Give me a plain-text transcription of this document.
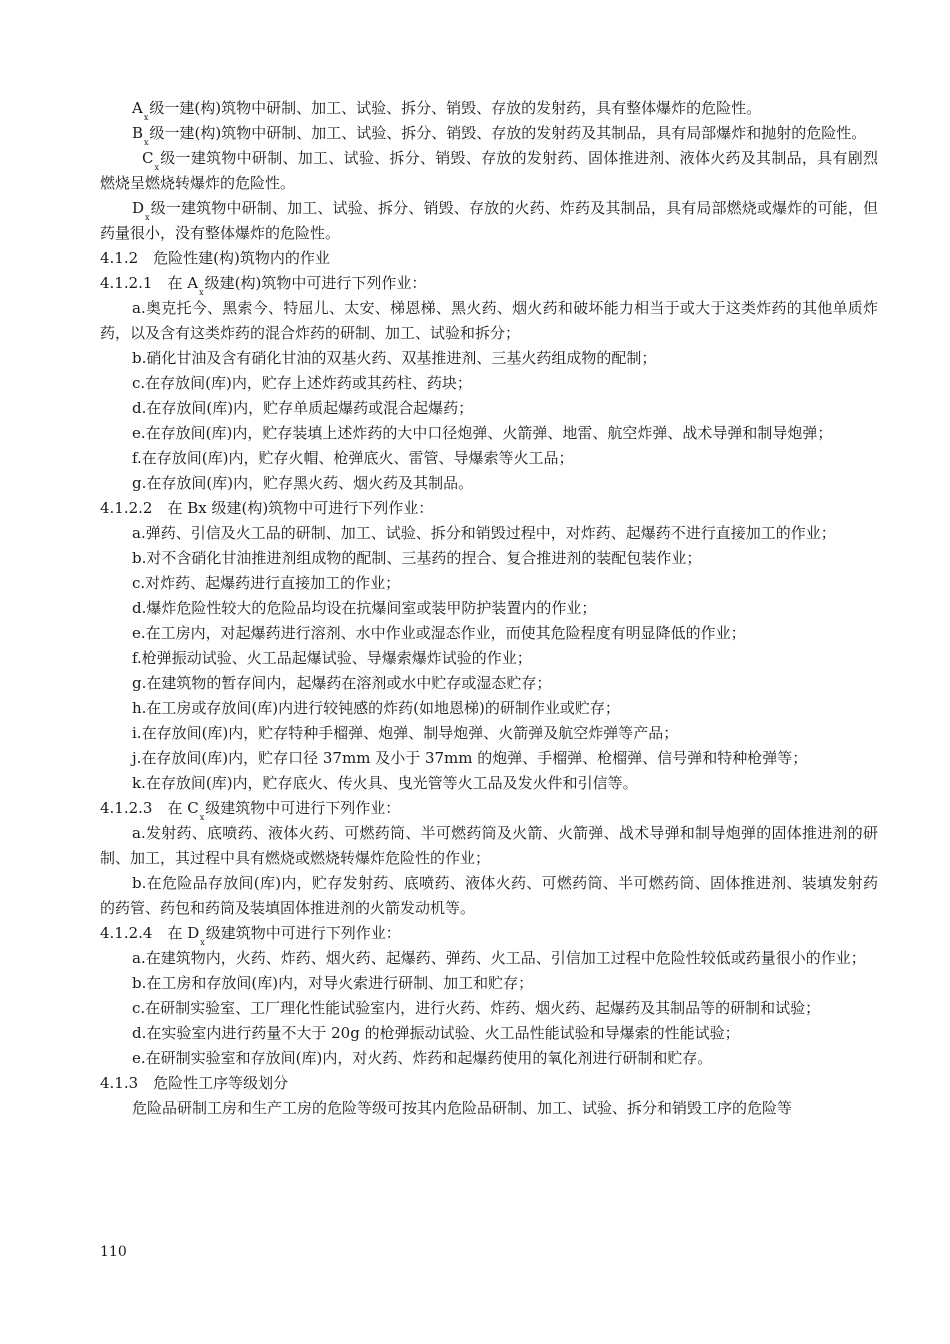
$A_x$级一建(构)筑物中研制、加工、试验、拆分、销毁、存放的发射药，具有整体爆炸的危险性。

$B_x$级一建(构)筑物中研制、加工、试验、拆分、销毁、存放的发射药及其制品，具有局部爆炸和抛射的危险性。

$C_x$级一建筑物中研制、加工、试验、拆分、销毁、存放的发射药、固体推进剂、液体火药及其制品，具有剧烈燃烧呈燃烧转爆炸的危险性。

$D_x$级一建筑物中研制、加工、试验、拆分、销毁、存放的火药、炸药及其制品，具有局部燃烧或爆炸的可能，但药量很小，没有整体爆炸的危险性。

4.1.2　危险性建(构)筑物内的作业

4.1.2.1  在 $A_x$级建(构)筑物中可进行下列作业：

a.奥克托今、黑索今、特屈儿、太安、梯恩梯、黑火药、烟火药和破坏能力相当于或大于这类炸药的其他单质炸药，以及含有这类炸药的混合炸药的研制、加工、试验和拆分；

b.硝化甘油及含有硝化甘油的双基火药、双基推进剂、三基火药组成物的配制；

c.在存放间(库)内，贮存上述炸药或其药柱、药块；

d.在存放间(库)内，贮存单质起爆药或混合起爆药；

e.在存放间(库)内，贮存装填上述炸药的大中口径炮弹、火箭弹、地雷、航空炸弹、战术导弹和制导炮弹；

f.在存放间(库)内，贮存火帽、枪弹底火、雷管、导爆索等火工品；

g.在存放间(库)内，贮存黑火药、烟火药及其制品。

4.1.2.2  在 Bx 级建(构)筑物中可进行下列作业：

a.弹药、引信及火工品的研制、加工、试验、拆分和销毁过程中，对炸药、起爆药不进行直接加工的作业；

b.对不含硝化甘油推进剂组成物的配制、三基药的捏合、复合推进剂的装配包装作业；

c.对炸药、起爆药进行直接加工的作业；

d.爆炸危险性较大的危险品均设在抗爆间室或装甲防护装置内的作业；

e.在工房内，对起爆药进行溶剂、水中作业或湿态作业，而使其危险程度有明显降低的作业；

f.枪弹振动试验、火工品起爆试验、导爆索爆炸试验的作业；

g.在建筑物的暂存间内，起爆药在溶剂或水中贮存或湿态贮存；

h.在工房或存放间(库)内进行较钝感的炸药(如地恩梯)的研制作业或贮存；

i.在存放间(库)内，贮存特种手榴弹、炮弹、制导炮弹、火箭弹及航空炸弹等产品；

j.在存放间(库)内，贮存口径 37mm 及小于 37mm 的炮弹、手榴弹、枪榴弹、信号弹和特种枪弹等；

k.在存放间(库)内，贮存底火、传火具、曳光管等火工品及发火件和引信等。

4.1.2.3  在 $C_x$级建筑物中可进行下列作业：

a.发射药、底喷药、液体火药、可燃药筒、半可燃药筒及火箭、火箭弹、战术导弹和制导炮弹的固体推进剂的研制、加工，其过程中具有燃烧或燃烧转爆炸危险性的作业；

b.在危险品存放间(库)内，贮存发射药、底喷药、液体火药、可燃药筒、半可燃药筒、固体推进剂、装填发射药的药管、药包和药筒及装填固体推进剂的火箭发动机等。

4.1.2.4  在 $D_x$级建筑物中可进行下列作业：

a.在建筑物内，火药、炸药、烟火药、起爆药、弹药、火工品、引信加工过程中危险性较低或药量很小的作业；

b.在工房和存放间(库)内，对导火索进行研制、加工和贮存；

c.在研制实验室、工厂理化性能试验室内，进行火药、炸药、烟火药、起爆药及其制品等的研制和试验；

d.在实验室内进行药量不大于 20g 的枪弹振动试验、火工品性能试验和导爆索的性能试验；

e.在研制实验室和存放间(库)内，对火药、炸药和起爆药使用的氧化剂进行研制和贮存。

4.1.3　危险性工序等级划分

危险品研制工房和生产工房的危险等级可按其内危险品研制、加工、试验、拆分和销毁工序的危险等

110
